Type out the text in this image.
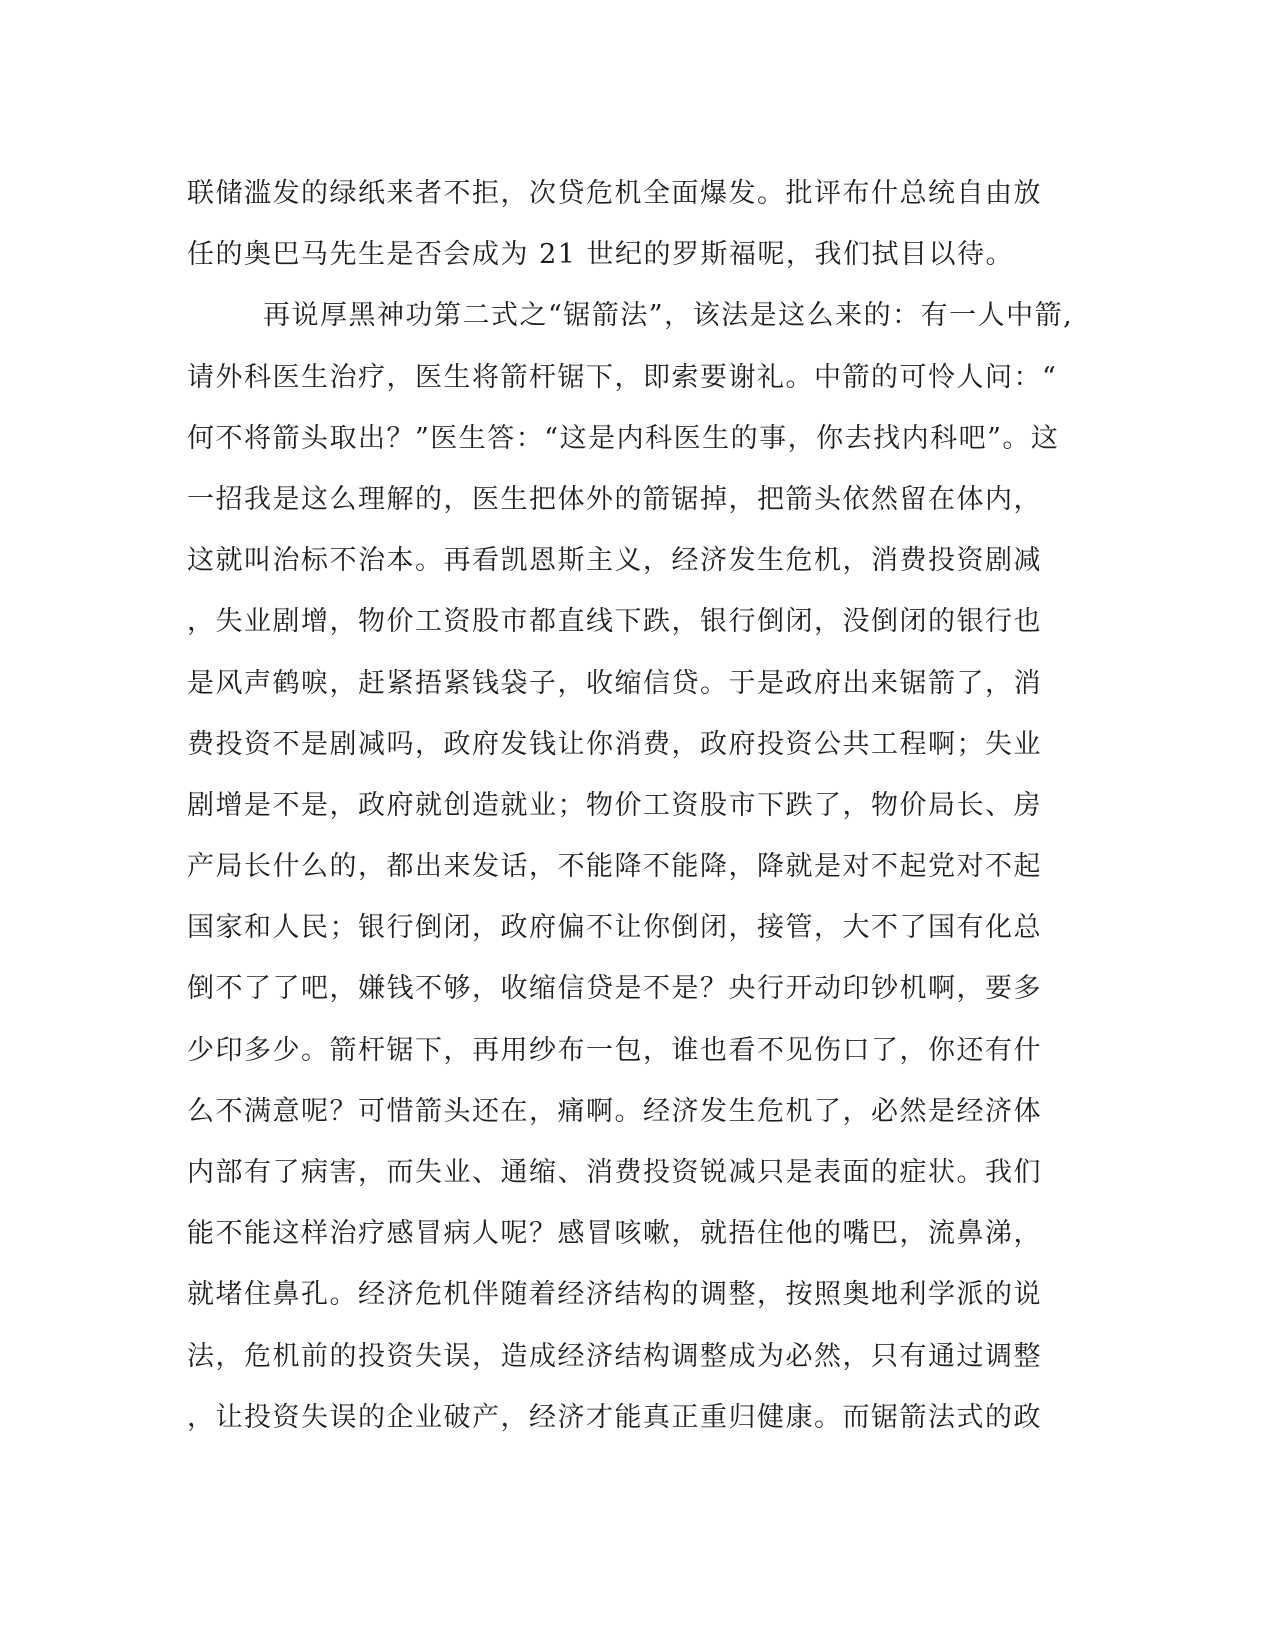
联储滥发的绿纸来者不拒，次贷危机全面爆发。批评布什总统自由放
任的奥巴马先生是否会成为 21 世纪的罗斯福呢，我们拭目以待。
再说厚黑神功第二式之“锯箭法”，该法是这么来的：有一人中箭,
请外科医生治疗，医生将箭杆锯下，即索要谢礼。中箭的可怜人问：“
何不将箭头取出？”医生答：“这是内科医生的事，你去找内科吧”。这
一招我是这么理解的，医生把体外的箭锯掉，把箭头依然留在体内，
这就叫治标不治本。再看凯恩斯主义，经济发生危机，消费投资剧减
，失业剧增，物价工资股市都直线下跌，银行倒闭，没倒闭的银行也
是风声鹤唳，赶紧捂紧钱袋子，收缩信贷。于是政府出来锯箭了，消
费投资不是剧减吗，政府发钱让你消费，政府投资公共工程啊；失业
剧增是不是，政府就创造就业；物价工资股市下跌了，物价局长、房
产局长什么的，都出来发话，不能降不能降，降就是对不起党对不起
国家和人民；银行倒闭，政府偏不让你倒闭，接管，大不了国有化总
倒不了了吧，嫌钱不够，收缩信贷是不是？央行开动印钞机啊，要多
少印多少。箭杆锯下，再用纱布一包，谁也看不见伤口了，你还有什
么不满意呢？可惜箭头还在，痛啊。经济发生危机了，必然是经济体
内部有了病害，而失业、通缩、消费投资锐减只是表面的症状。我们
能不能这样治疗感冒病人呢？感冒咳嗽，就捂住他的嘴巴，流鼻涕，
就堵住鼻孔。经济危机伴随着经济结构的调整，按照奥地利学派的说
法，危机前的投资失误，造成经济结构调整成为必然，只有通过调整
，让投资失误的企业破产，经济才能真正重归健康。而锯箭法式的政
